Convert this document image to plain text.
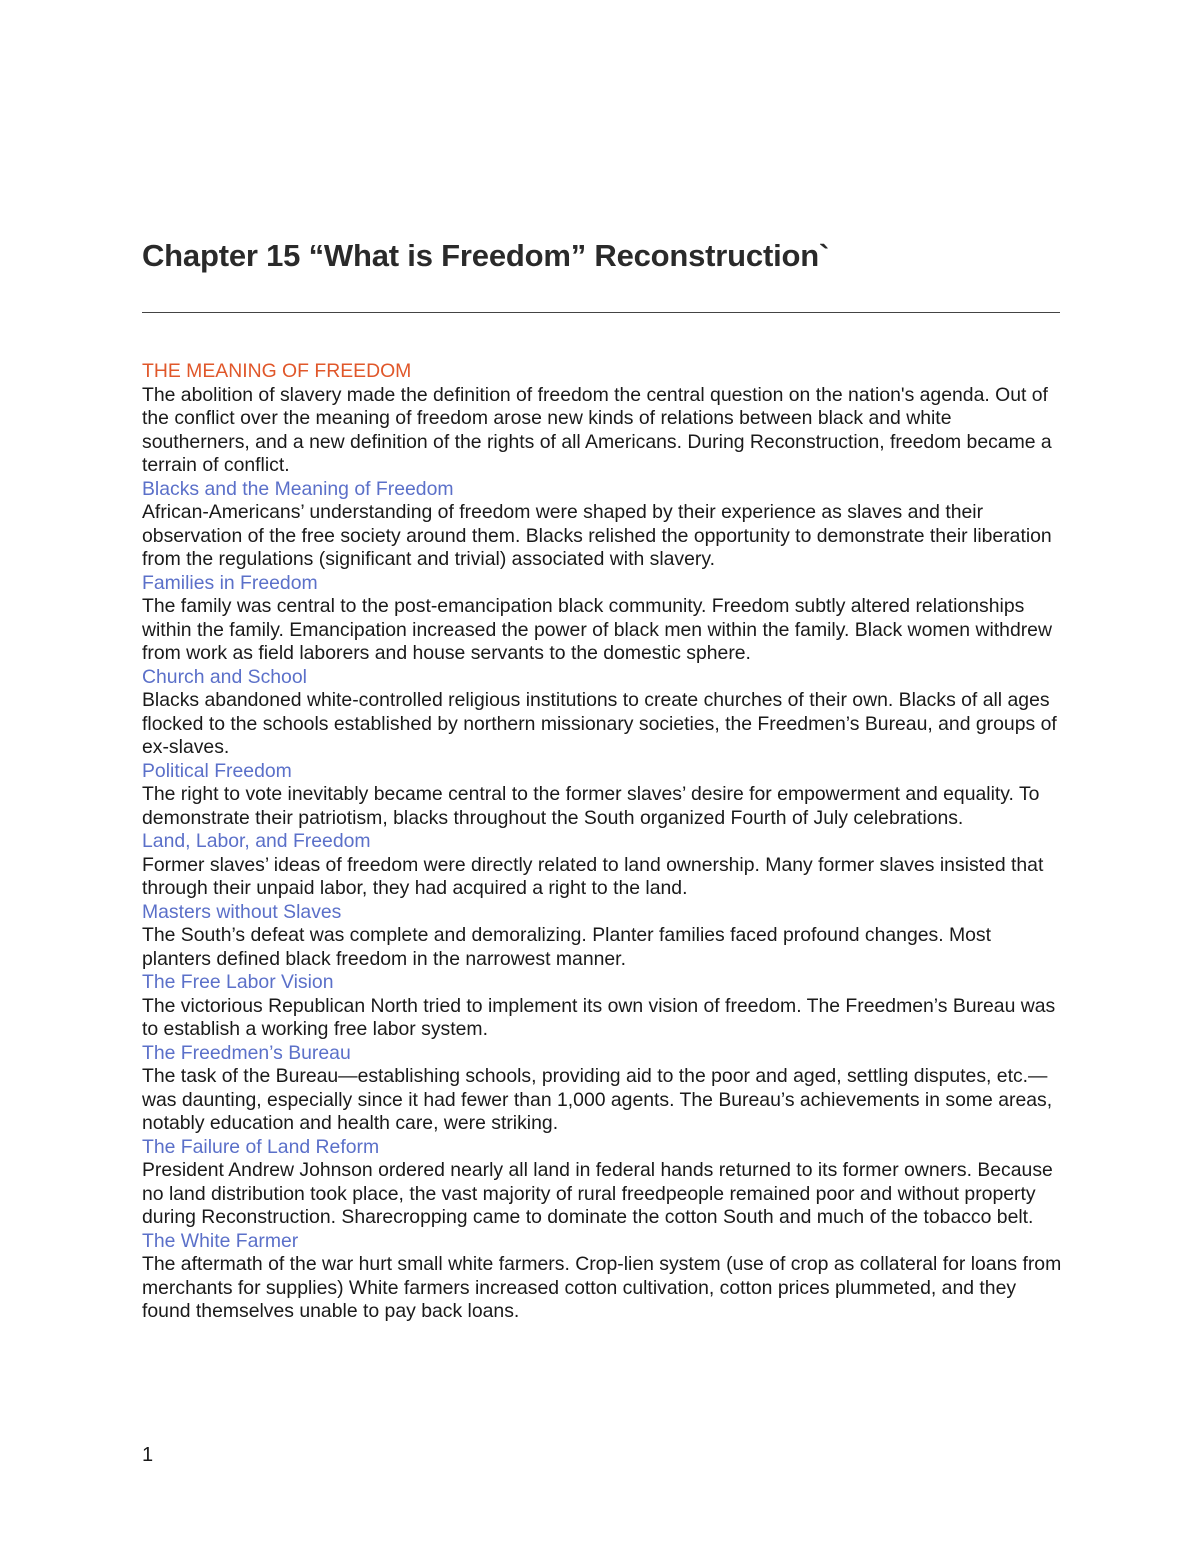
Chapter 15 “What is Freedom” Reconstruction`
THE MEANING OF FREEDOM

The abolition of slavery made the definition of freedom the central question on the nation's agenda. Out of the conflict over the meaning of freedom arose new kinds of relations between black and white southerners, and a new definition of the rights of all Americans. During Reconstruction, freedom became a terrain of conflict.

Blacks and the Meaning of Freedom

African-Americans’ understanding of freedom were shaped by their experience as slaves and their observation of the free society around them. Blacks relished the opportunity to demonstrate their liberation from the regulations (significant and trivial) associated with slavery.

Families in Freedom

The family was central to the post-emancipation black community. Freedom subtly altered relationships within the family. Emancipation increased the power of black men within the family. Black women withdrew from work as field laborers and house servants to the domestic sphere.

Church and School

Blacks abandoned white-controlled religious institutions to create churches of their own. Blacks of all ages flocked to the schools established by northern missionary societies, the Freedmen’s Bureau, and groups of ex-slaves.

Political Freedom

The right to vote inevitably became central to the former slaves’ desire for empowerment and equality. To demonstrate their patriotism, blacks throughout the South organized Fourth of July celebrations.

Land, Labor, and Freedom

Former slaves’ ideas of freedom were directly related to land ownership. Many former slaves insisted that through their unpaid labor, they had acquired a right to the land.

Masters without Slaves

The South’s defeat was complete and demoralizing. Planter families faced profound changes. Most planters defined black freedom in the narrowest manner.

The Free Labor Vision

The victorious Republican North tried to implement its own vision of freedom. The Freedmen’s Bureau was to establish a working free labor system.

The Freedmen’s Bureau

The task of the Bureau—establishing schools, providing aid to the poor and aged, settling disputes, etc.—was daunting, especially since it had fewer than 1,000 agents. The Bureau’s achievements in some areas, notably education and health care, were striking.

The Failure of Land Reform

President Andrew Johnson ordered nearly all land in federal hands returned to its former owners. Because no land distribution took place, the vast majority of rural freedpeople remained poor and without property during Reconstruction. Sharecropping came to dominate the cotton South and much of the tobacco belt.

The White Farmer

The aftermath of the war hurt small white farmers. Crop-lien system (use of crop as collateral for loans from merchants for supplies) White farmers increased cotton cultivation, cotton prices plummeted, and they found themselves unable to pay back loans.

1
